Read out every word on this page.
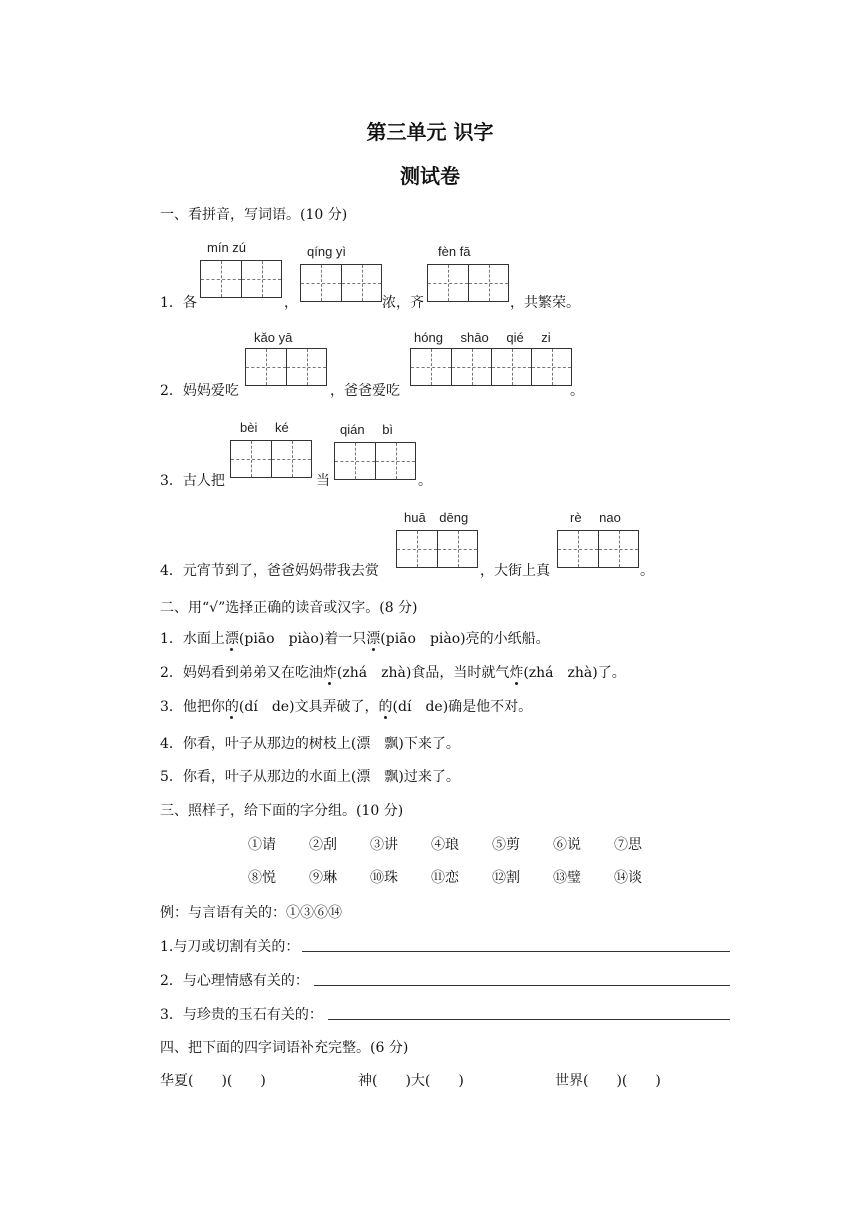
第三单元 识字
测试卷
一、看拼音，写词语。(10 分)
mín zú	qíng yì	fèn fā
1．各	，	浓，齐	，共繁荣。
kǎo yā	hóng shāo qié zi
2．妈妈爱吃	，爸爸爱吃	。
bèi ké	qián bì
3．古人把	当	。
huā dēng	rè nao
4．元宵节到了，爸爸妈妈带我去赏	，大街上真	。
二、用“√”选择正确的读音或汉字。(8 分)
1．水面上漂(piāo　piào)着一只漂(piāo　piào)亮的小纸船。
2．妈妈看到弟弟又在吃油炸(zhá　zhà)食品，当时就气炸(zhá　zhà)了。
3．他把你的(dí　de)文具弄破了，的(dí　de)确是他不对。
4．你看，叶子从那边的树枝上(漂　飘)下来了。
5．你看，叶子从那边的水面上(漂　飘)过来了。
三、照样子，给下面的字分组。(10 分)
①请 ②刮 ③讲 ④琅 ⑤剪 ⑥说 ⑦思
⑧悦 ⑨琳 ⑩珠 ⑪恋 ⑫割 ⑬璧 ⑭谈
例：与言语有关的：①③⑥⑭
1.与刀或切割有关的：
2．与心理情感有关的：
3．与珍贵的玉石有关的：
四、把下面的四字词语补充完整。(6 分)
华夏(　　)(　　)	神(　　)大(　　)	世界(　　)(　　)
